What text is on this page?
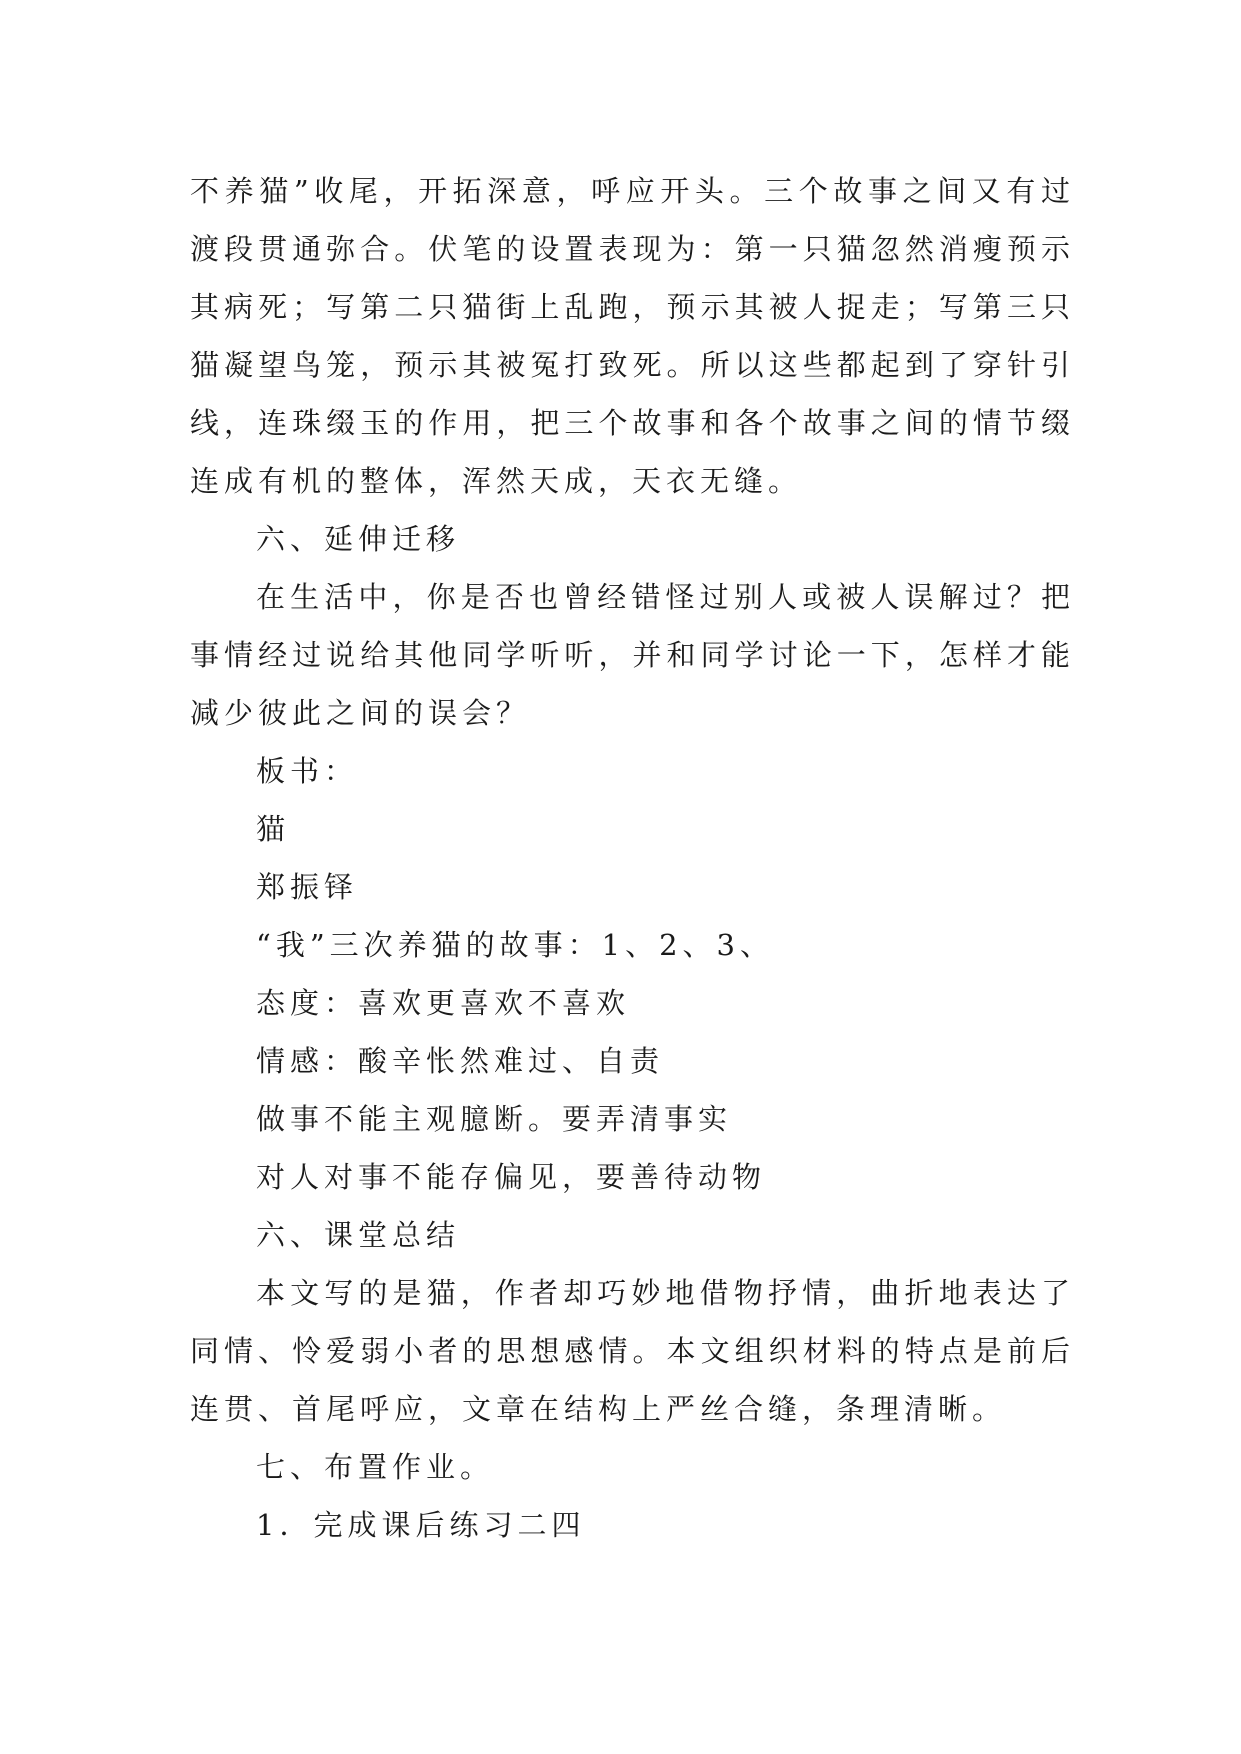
不养猫”收尾，开拓深意，呼应开头。三个故事之间又有过
渡段贯通弥合。伏笔的设置表现为：第一只猫忽然消瘦预示
其病死；写第二只猫街上乱跑，预示其被人捉走；写第三只
猫凝望鸟笼，预示其被冤打致死。所以这些都起到了穿针引
线，连珠缀玉的作用，把三个故事和各个故事之间的情节缀
连成有机的整体，浑然天成，天衣无缝。
六、延伸迁移
在生活中，你是否也曾经错怪过别人或被人误解过？把
事情经过说给其他同学听听，并和同学讨论一下，怎样才能
减少彼此之间的误会？
板书：
猫
郑振铎
“我”三次养猫的故事：1、2、3、
态度：喜欢更喜欢不喜欢
情感：酸辛怅然难过、自责
做事不能主观臆断。要弄清事实
对人对事不能存偏见，要善待动物
六、课堂总结
本文写的是猫，作者却巧妙地借物抒情，曲折地表达了
同情、怜爱弱小者的思想感情。本文组织材料的特点是前后
连贯、首尾呼应，文章在结构上严丝合缝，条理清晰。
七、布置作业。
1．完成课后练习二四
